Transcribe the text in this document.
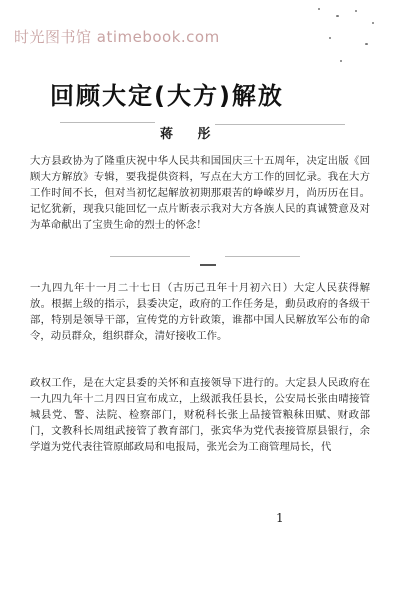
时光图书馆 atimebook.com
回顾大定(大方)解放
蒋 彤
大方县政协为了隆重庆祝中华人民共和国国庆三十五周年，决定出版《回顾大方解放》专辑，要我提供资料，写点在大方工作的回忆录。我在大方工作时间不长，但对当初忆起解放初期那艰苦的峥嵘岁月，尚历历在目。记忆犹新，现我只能回忆一点片断表示我对大方各族人民的真诚赞意及对为革命献出了宝贵生命的烈士的怀念！
一九四九年十一月二十七日（古历己丑年十月初六日）大定人民获得解放。根据上级的指示，县委决定，政府的工作任务是，動员政府的各级干部，特别是领导干部，宣传党的方针政策，谁都中国人民解放军公布的命令，动员群众，组织群众，清好接收工作。
政权工作，是在大定县委的关怀和直接领导下进行的。大定县人民政府在一九四九年十二月四日宣布成立，上级派我任县长，公安局长张由晴接管城县党、警、法院、检察部门，财税科长张上品接管粮秣田赋、财政部门，文教科长周组武接管了教育部门，张宾华为党代表接管原县银行，余学道为党代表往管原邮政局和电报局，张光会为工商管理局长，代
1
